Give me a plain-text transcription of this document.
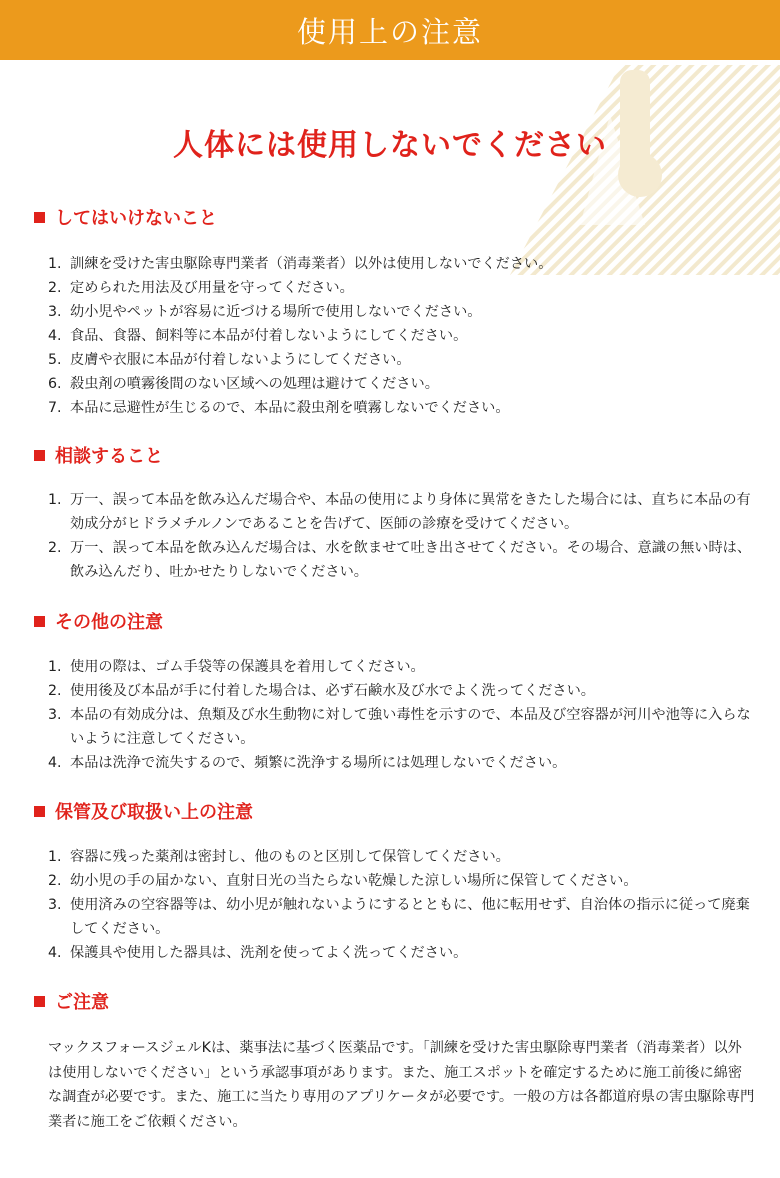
使用上の注意
人体には使用しないでください
してはいけないこと
1. 訓練を受けた害虫駆除専門業者（消毒業者）以外は使用しないでください。
2. 定められた用法及び用量を守ってください。
3. 幼小児やペットが容易に近づける場所で使用しないでください。
4. 食品、食器、飼料等に本品が付着しないようにしてください。
5. 皮膚や衣服に本品が付着しないようにしてください。
6. 殺虫剤の噴霧後間のない区域への処理は避けてください。
7. 本品に忌避性が生じるので、本品に殺虫剤を噴霧しないでください。
相談すること
1. 万一、誤って本品を飲み込んだ場合や、本品の使用により身体に異常をきたした場合には、直ちに本品の有効成分がヒドラメチルノンであることを告げて、医師の診療を受けてください。
2. 万一、誤って本品を飲み込んだ場合は、水を飲ませて吐き出させてください。その場合、意識の無い時は、飲み込んだり、吐かせたりしないでください。
その他の注意
1. 使用の際は、ゴム手袋等の保護具を着用してください。
2. 使用後及び本品が手に付着した場合は、必ず石鹸水及び水でよく洗ってください。
3. 本品の有効成分は、魚類及び水生動物に対して強い毒性を示すので、本品及び空容器が河川や池等に入らないように注意してください。
4. 本品は洗浄で流失するので、頻繁に洗浄する場所には処理しないでください。
保管及び取扱い上の注意
1. 容器に残った薬剤は密封し、他のものと区別して保管してください。
2. 幼小児の手の届かない、直射日光の当たらない乾燥した涼しい場所に保管してください。
3. 使用済みの空容器等は、幼小児が触れないようにするとともに、他に転用せず、自治体の指示に従って廃棄してください。
4. 保護具や使用した器具は、洗剤を使ってよく洗ってください。
ご注意

マックスフォースジェルKは、薬事法に基づく医薬品です。「訓練を受けた害虫駆除専門業者（消毒業者）以外は使用しないでください」という承認事項があります。また、施工スポットを確定するために施工前後に綿密な調査が必要です。また、施工に当たり専用のアプリケータが必要です。一般の方は各都道府県の害虫駆除専門業者に施工をご依頼ください。
